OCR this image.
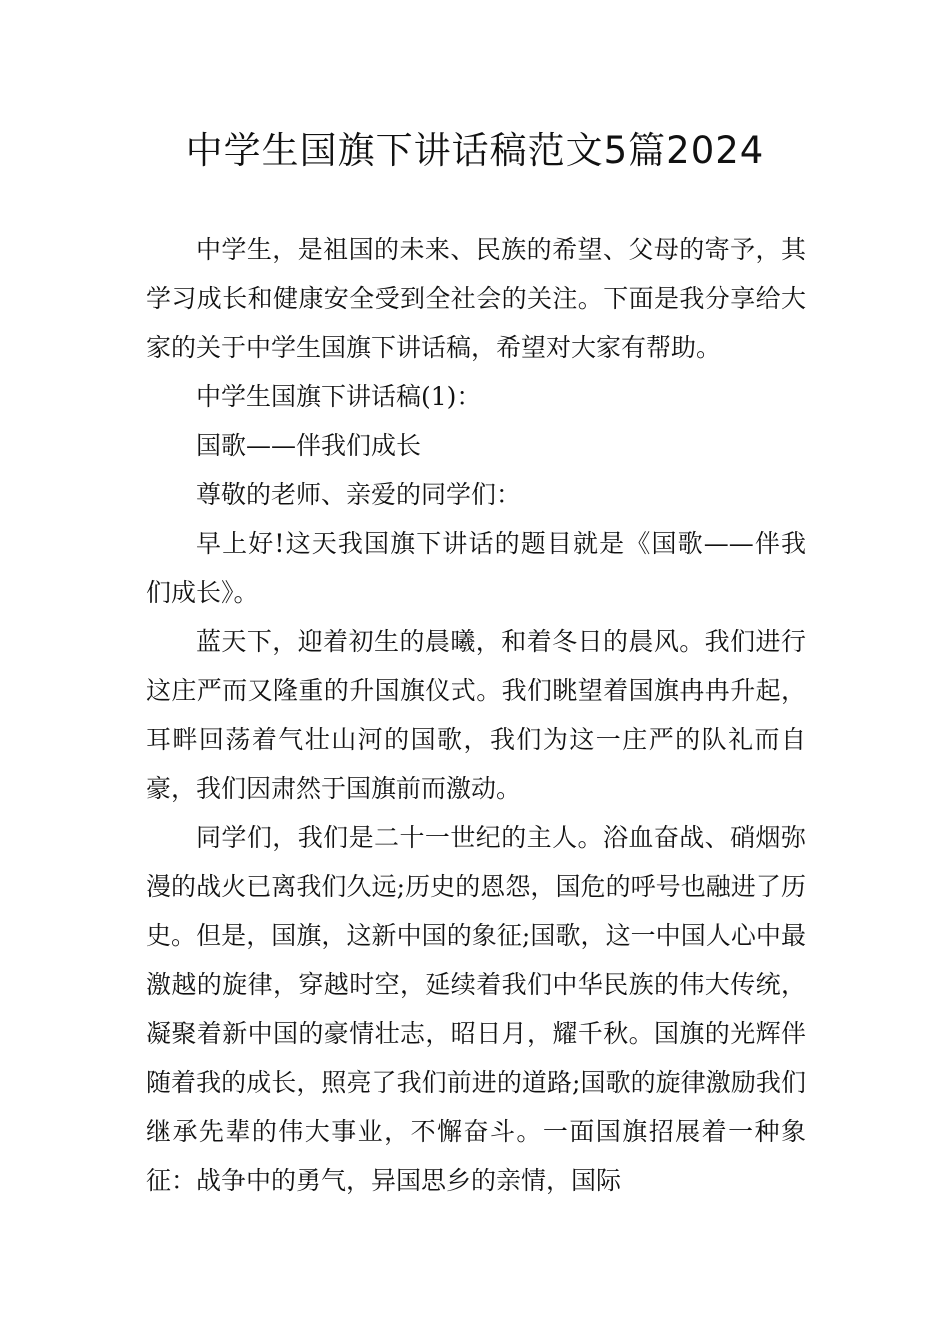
中学生国旗下讲话稿范文5篇2024

中学生，是祖国的未来、民族的希望、父母的寄予，其学习成长和健康安全受到全社会的关注。下面是我分享给大家的关于中学生国旗下讲话稿，希望对大家有帮助。

中学生国旗下讲话稿(1)：

国歌——伴我们成长

尊敬的老师、亲爱的同学们：

早上好!这天我国旗下讲话的题目就是《国歌——伴我们成长》。

蓝天下，迎着初生的晨曦，和着冬日的晨风。我们进行这庄严而又隆重的升国旗仪式。我们眺望着国旗冉冉升起，耳畔回荡着气壮山河的国歌，我们为这一庄严的队礼而自豪，我们因肃然于国旗前而激动。

同学们，我们是二十一世纪的主人。浴血奋战、硝烟弥漫的战火已离我们久远;历史的恩怨，国危的呼号也融进了历史。但是，国旗，这新中国的象征;国歌，这一中国人心中最激越的旋律，穿越时空，延续着我们中华民族的伟大传统，凝聚着新中国的豪情壮志，昭日月，耀千秋。国旗的光辉伴随着我的成长，照亮了我们前进的道路;国歌的旋律激励我们继承先辈的伟大事业，不懈奋斗。一面国旗招展着一种象征：战争中的勇气，异国思乡的亲情，国际
